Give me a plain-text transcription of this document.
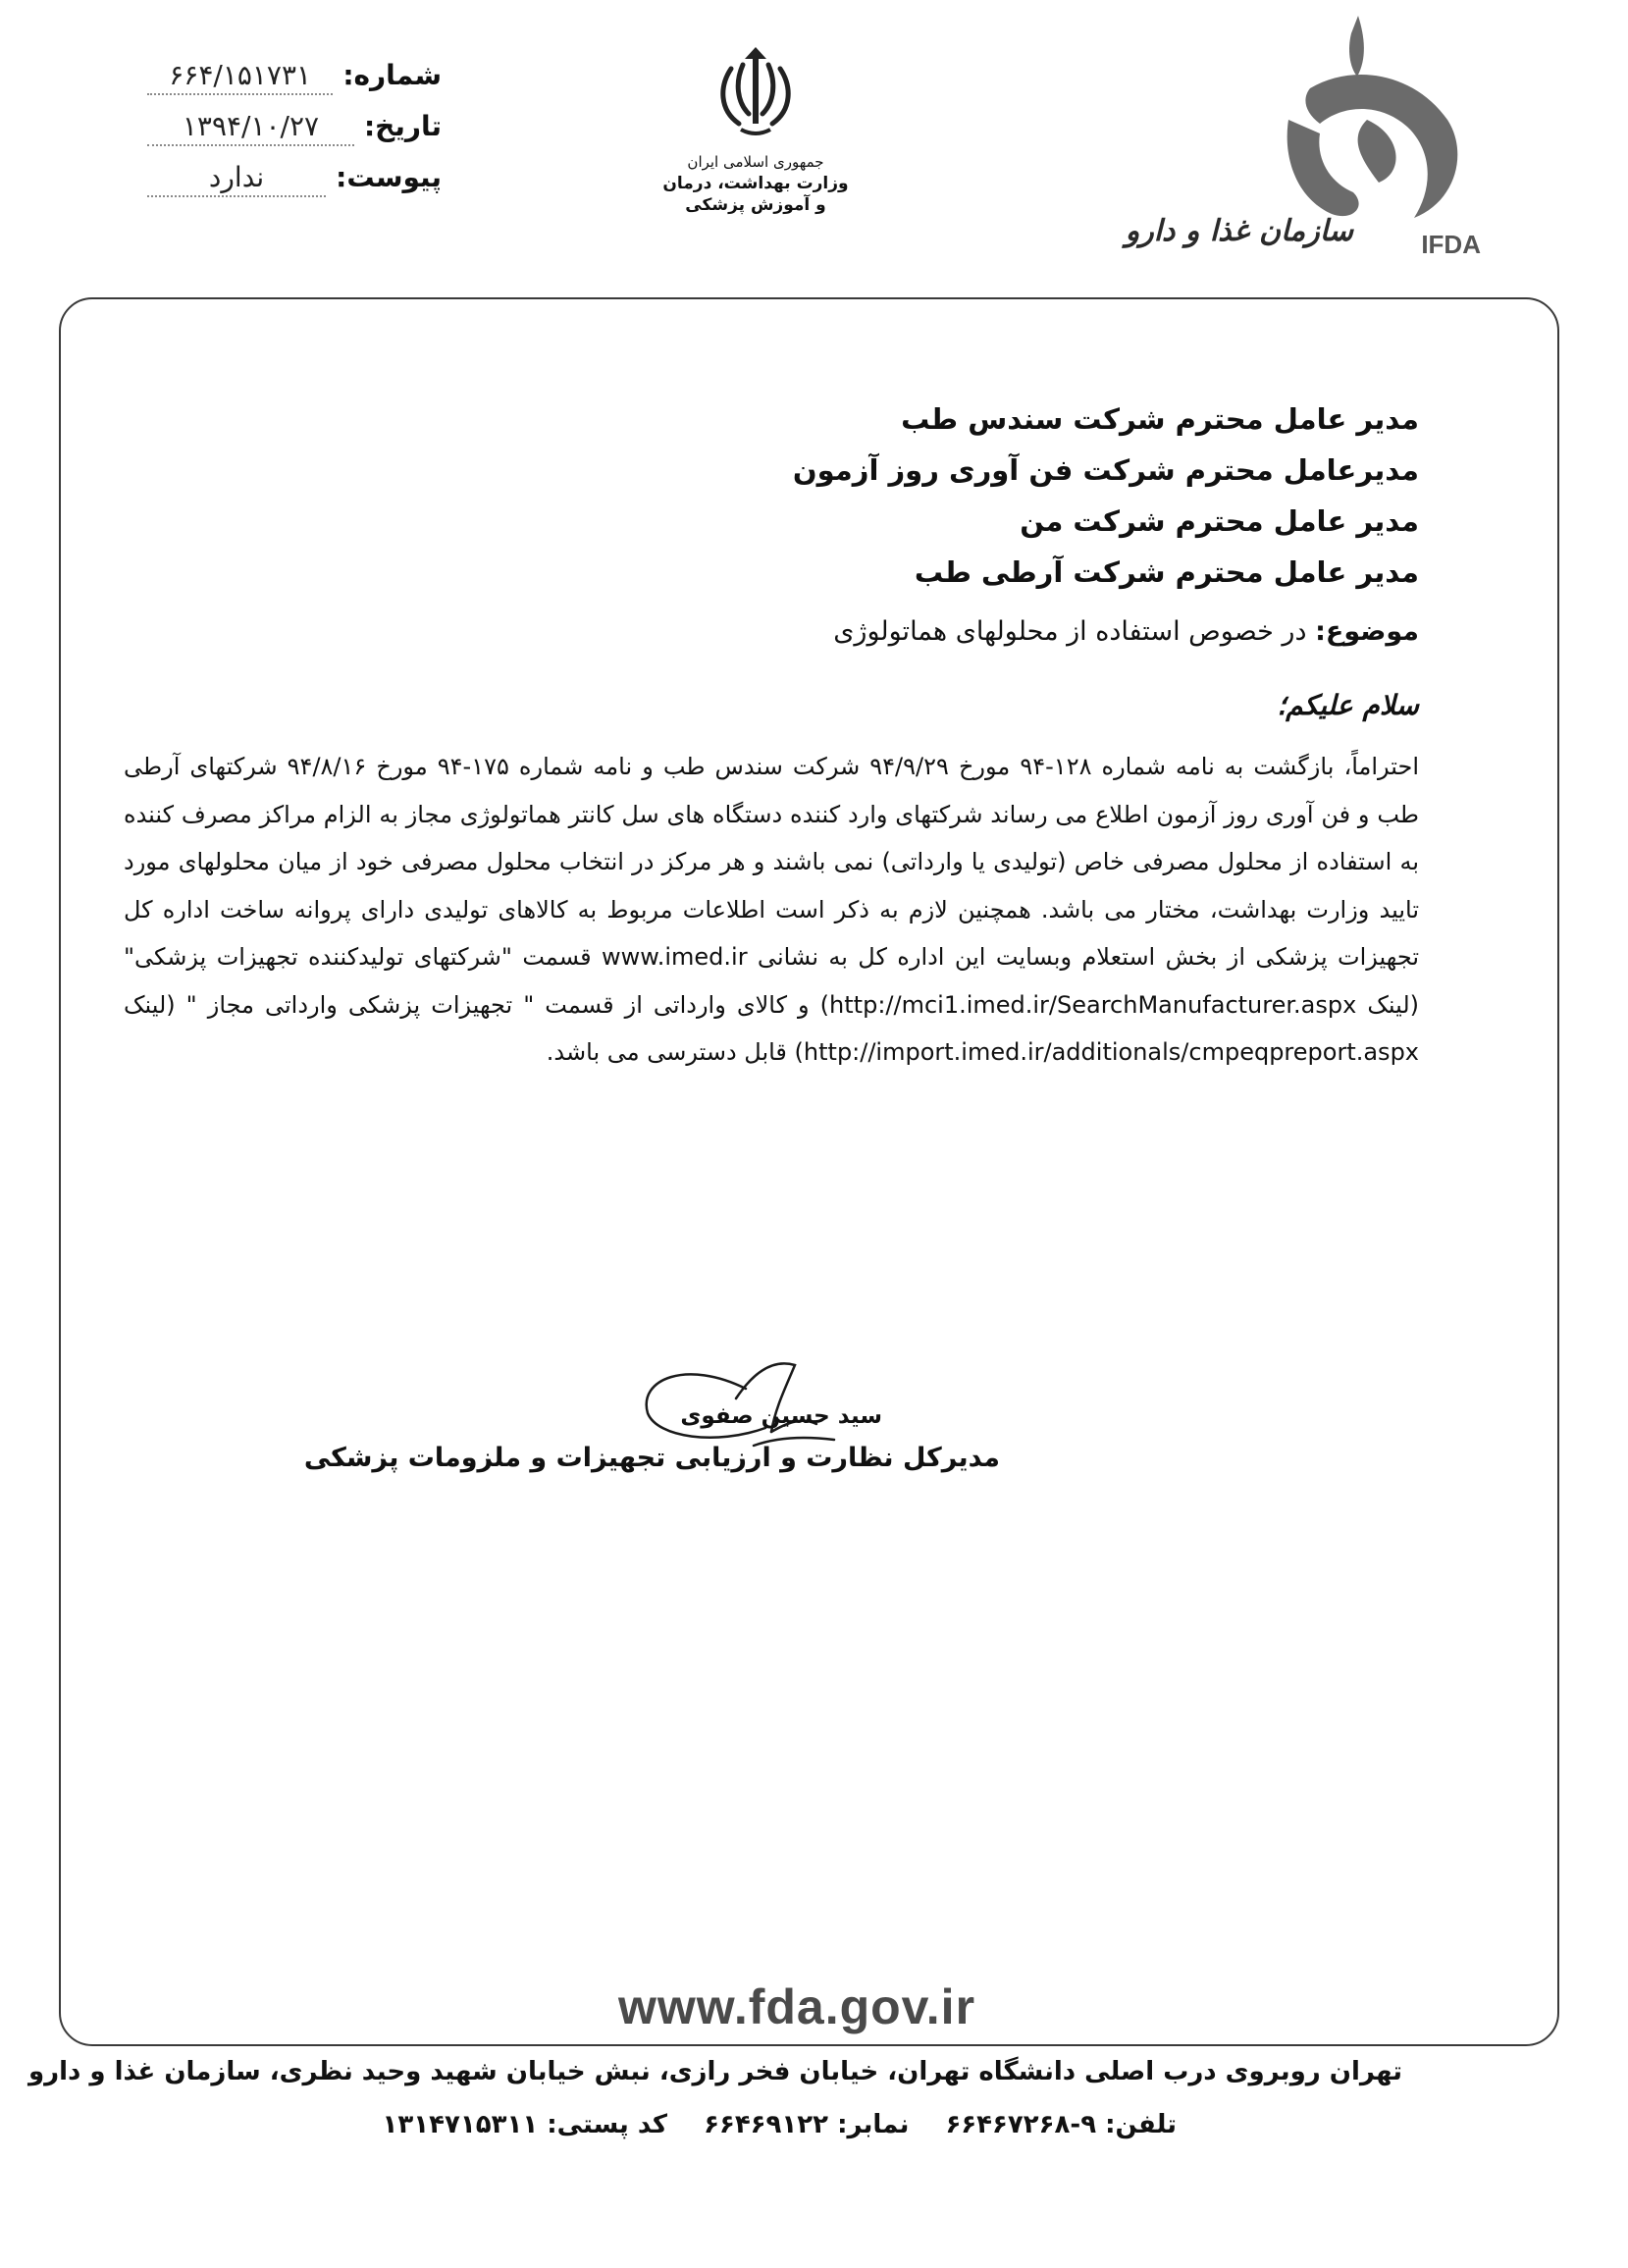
شماره:
۶۶۴/۱۵۱۷۳۱
تاریخ:
۱۳۹۴/۱۰/۲۷
پیوست:
ندارد	جمهوری اسلامی ایران
وزارت بهداشت، درمان
و آموزش پزشکی
سازمان غذا و دارو	IFDA
مدیر عامل محترم شرکت سندس طب
مدیرعامل محترم شرکت فن آوری روز آزمون
مدیر عامل محترم شرکت من
مدیر عامل محترم شرکت آرطی طب
موضوع: در خصوص استفاده از محلولهای هماتولوژی
سلام علیکم؛
احتراماً، بازگشت به نامه شماره ۱۲۸-۹۴ مورخ ۹۴/۹/۲۹ شرکت سندس طب و نامه شماره ۱۷۵-۹۴ مورخ ۹۴/۸/۱۶ شرکتهای آرطی طب و فن آوری روز آزمون اطلاع می رساند شرکتهای وارد کننده دستگاه های سل کانتر هماتولوژی مجاز به الزام مراکز مصرف کننده به استفاده از محلول مصرفی خاص (تولیدی یا وارداتی) نمی باشند و هر مرکز در انتخاب محلول مصرفی خود از میان محلولهای مورد تایید وزارت بهداشت، مختار می باشد. همچنین لازم به ذکر است اطلاعات مربوط به کالاهای تولیدی دارای پروانه ساخت اداره کل تجهیزات پزشکی از بخش استعلام وبسایت این اداره کل به نشانی www.imed.ir قسمت "شرکتهای تولیدکننده تجهیزات پزشکی" (لینک http://mci1.imed.ir/SearchManufacturer.aspx) و کالای وارداتی از قسمت " تجهیزات پزشکی وارداتی مجاز " (لینک http://import.imed.ir/additionals/cmpeqpreport.aspx) قابل دسترسی می باشد.
سید حسین صفوی
مدیرکل نظارت و ارزیابی تجهیزات و ملزومات پزشکی
www.fda.gov.ir
تهران روبروی درب اصلی دانشگاه تهران، خیابان فخر رازی، نبش خیابان شهید وحید نظری، سازمان غذا و دارو
تلفن: ۹-۶۶۴۶۷۲۶۸ نمابر: ۶۶۴۶۹۱۲۲ کد پستی: ۱۳۱۴۷۱۵۳۱۱
